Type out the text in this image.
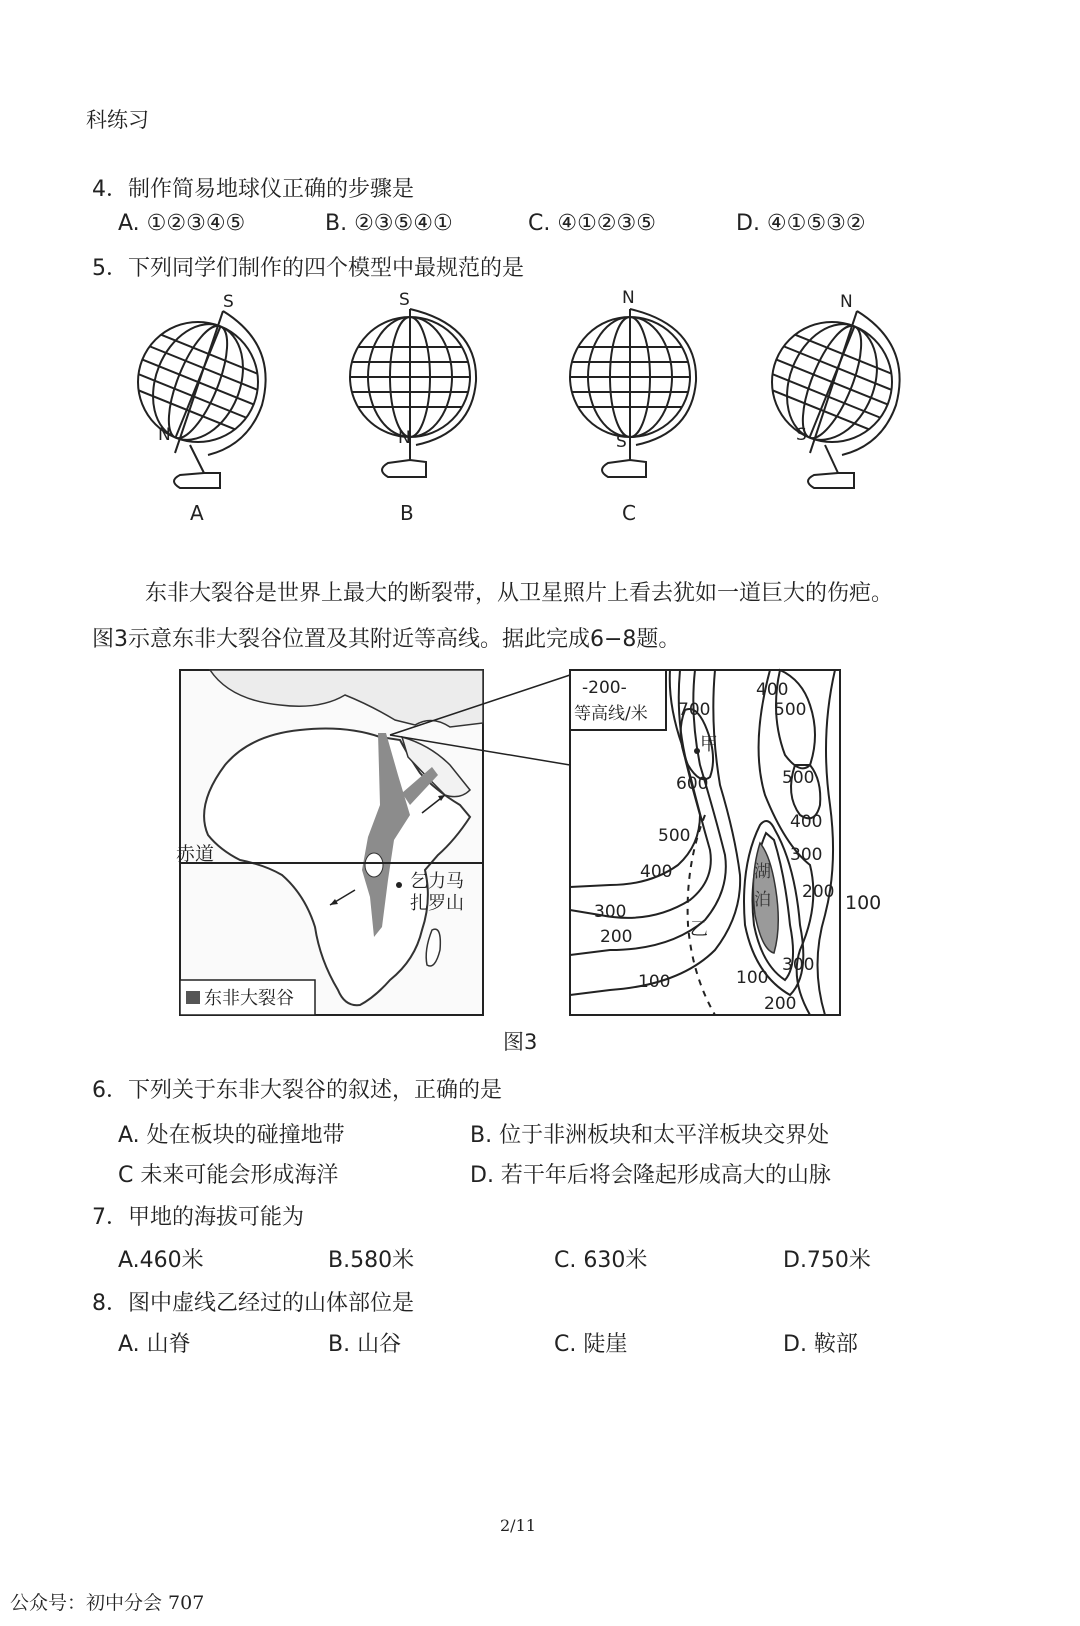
科练习
4．制作简易地球仪正确的步骤是
A. ①②③④⑤	B. ②③⑤④①	C. ④①②③⑤	D. ④①⑤③②
5．下列同学们制作的四个模型中最规范的是
S
N
A
S
N
B
N
S
C
N
S
东非大裂谷是世界上最大的断裂带，从卫星照片上看去犹如一道巨大的伤疤。
图3示意东非大裂谷位置及其附近等高线。据此完成6−8题。
赤道
乞力马
扎罗山
东非大裂谷
-200-
等高线/米 700
400
500
甲
600	500
500
400
300
400
200
300
200	乙
100	100
300
200
湖
泊	100
图3
6．下列关于东非大裂谷的叙述，正确的是
A. 处在板块的碰撞地带	B. 位于非洲板块和太平洋板块交界处
C 未来可能会形成海洋	D. 若干年后将会隆起形成高大的山脉
7．甲地的海拔可能为
A.460米	B.580米	C. 630米	D.750米
8．图中虚线乙经过的山体部位是
A. 山脊	B. 山谷	C. 陡崖	D. 鞍部
2/11
公众号：初中分会 707
